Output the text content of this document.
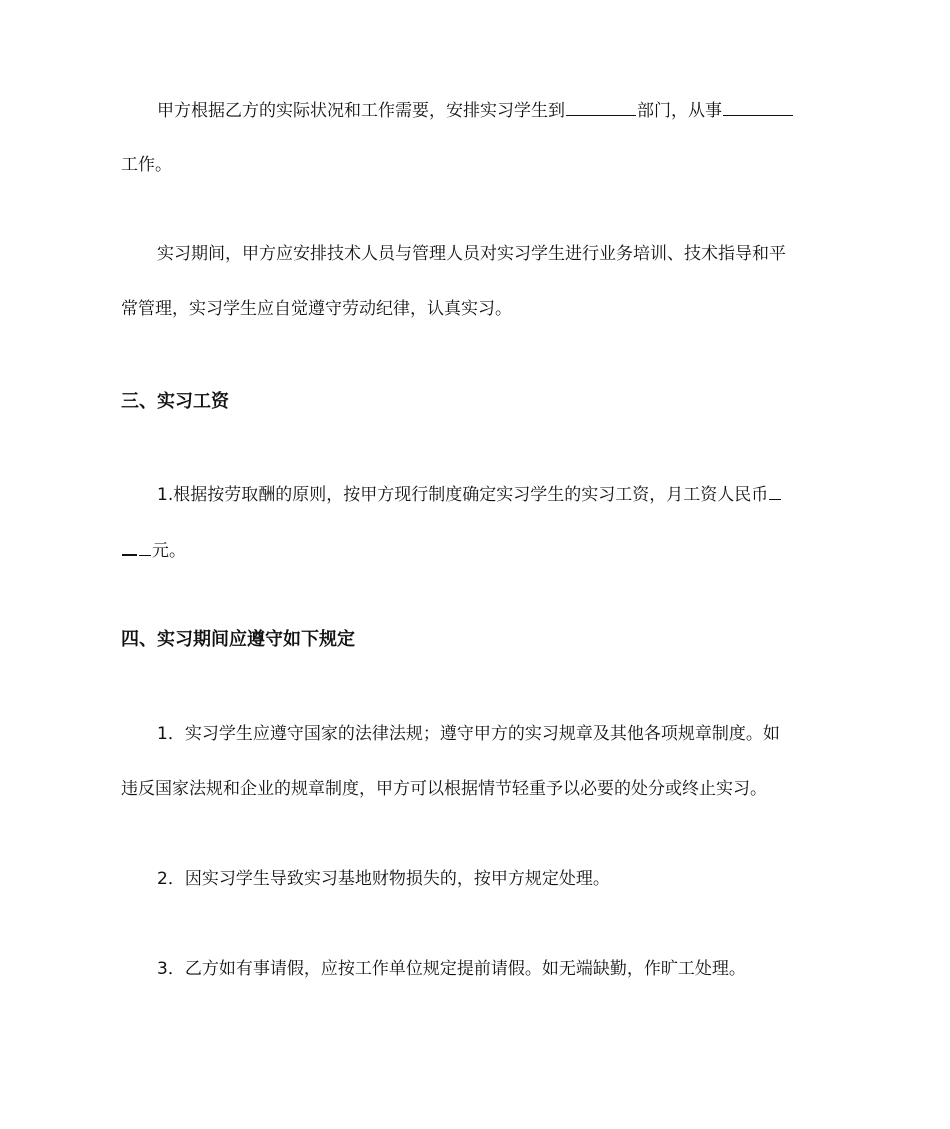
甲方根据乙方的实际状况和工作需要，安排实习学生到	部门，从事
工作。
实习期间，甲方应安排技术人员与管理人员对实习学生进行业务培训、技术指导和平
常管理，实习学生应自觉遵守劳动纪律，认真实习。
三、实习工资
1.根据按劳取酬的原则，按甲方现行制度确定实习学生的实习工资，月工资人民币
元。
四、实习期间应遵守如下规定
1．实习学生应遵守国家的法律法规；遵守甲方的实习规章及其他各项规章制度。如
违反国家法规和企业的规章制度，甲方可以根据情节轻重予以必要的处分或终止实习。
2．因实习学生导致实习基地财物损失的，按甲方规定处理。
3．乙方如有事请假，应按工作单位规定提前请假。如无端缺勤，作旷工处理。
